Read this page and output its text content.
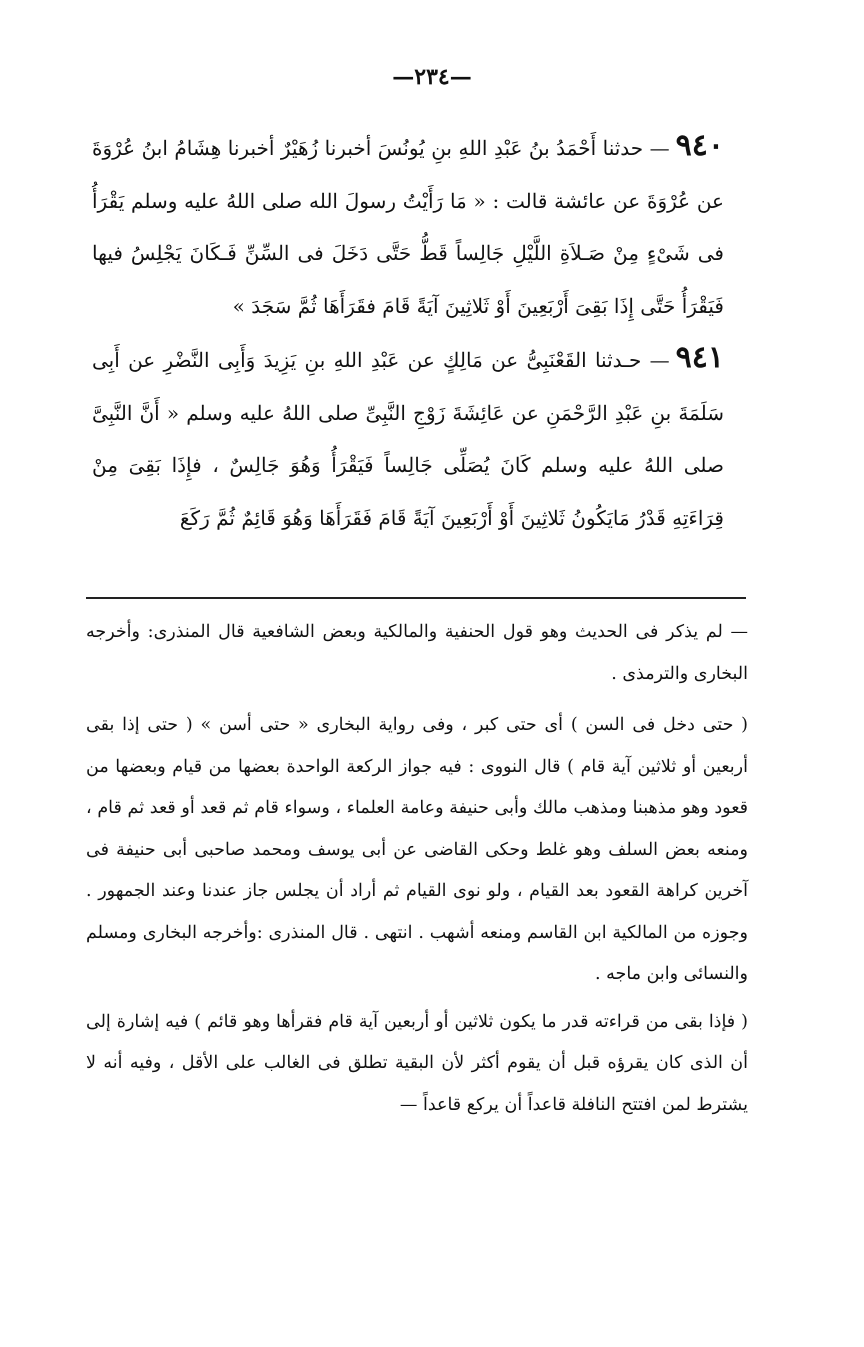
—٢٣٤—

٩٤٠— حدثنا أَحْمَدُ بنُ عَبْدِ اللهِ بنِ يُونُسَ أخبرنا زُهَيْرٌ أخبرنا هِشَامُ ابنُ عُرْوَةَ عن عُرْوَةَ عن عائشة قالت : « مَا رَأَيْتُ رسولَ الله صلى اللهُ عليه وسلم يَقْرَأُ فى شَىْءٍ مِنْ صَـلاَةِ اللَّيْلِ جَالِساً قَطُّ حَتَّى دَخَلَ فى السِّنِّ فَـكَانَ يَجْلِسُ فيها فَيَقْرَأُ حَتَّى إِذَا بَقِىَ أَرْبَعِينَ أَوْ ثَلاثِينَ آيَةً قَامَ فقَرَأَهَا ثُمَّ سَجَدَ »

٩٤١— حـدثنا القَعْنَبِىُّ عن مَالِكٍ عن عَبْدِ اللهِ بنِ يَزِيدَ وَأَبِى النَّضْرِ عن أَبِى سَلَمَةَ بنِ عَبْدِ الرَّحْمَنِ عن عَائِشَةَ زَوْجِ النَّبِىِّ صلى اللهُ عليه وسلم « أَنَّ النَّبِىَّ صلى اللهُ عليه وسلم كَانَ يُصَلِّى جَالِساً فَيَقْرَأُ وَهُوَ جَالِسٌ ، فإِذَا بَقِىَ مِنْ قِرَاءَتِهِ قَدْرُ مَايَكُونُ ثَلاثِينَ أَوْ أَرْبَعِينَ آيَةً قَامَ فَقَرَأَهَا وَهُوَ قَائِمٌ ثُمَّ رَكَعَ

— لم يذكر فى الحديث وهو قول الحنفية والمالكية وبعض الشافعية قال المنذرى: وأخرجه البخارى والترمذى .

( حتى دخل فى السن ) أى حتى كبر ، وفى رواية البخارى « حتى أسن » ( حتى إذا بقى أربعين أو ثلاثين آية قام ) قال النووى : فيه جواز الركعة الواحدة بعضها من قيام وبعضها من قعود وهو مذهبنا ومذهب مالك وأبى حنيفة وعامة العلماء ، وسواء قام ثم قعد أو قعد ثم قام ، ومنعه بعض السلف وهو غلط وحكى القاضى عن أبى يوسف ومحمد صاحبى أبى حنيفة فى آخرين كراهة القعود بعد القيام ، ولو نوى القيام ثم أراد أن يجلس جاز عندنا وعند الجمهور . وجوزه من المالكية ابن القاسم ومنعه أشهب . انتهى . قال المنذرى :وأخرجه البخارى ومسلم والنسائى وابن ماجه .

( فإذا بقى من قراءته قدر ما يكون ثلاثين أو أربعين آية قام فقرأها وهو قائم ) فيه إشارة إلى أن الذى كان يقرؤه قبل أن يقوم أكثر لأن البقية تطلق فى الغالب على الأقل ، وفيه أنه لا يشترط لمن افتتح النافلة قاعداً أن يركع قاعداً —
